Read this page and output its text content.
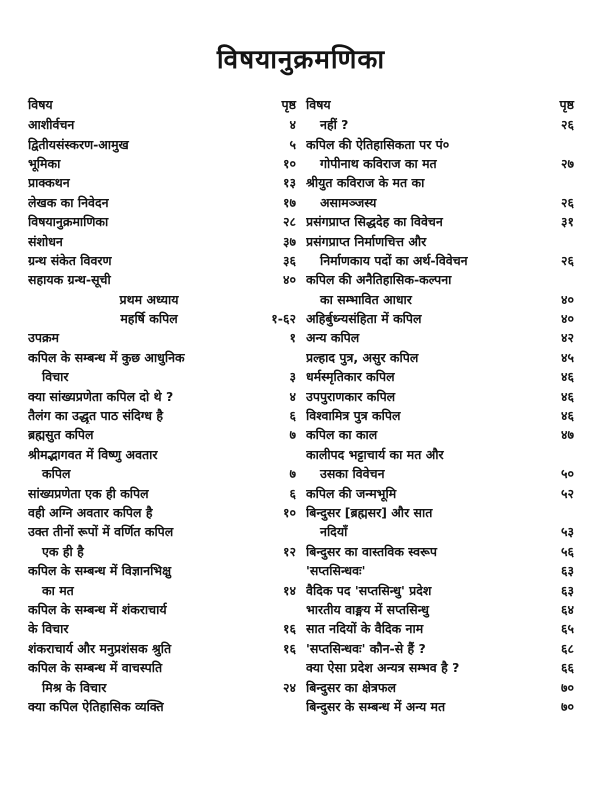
विषयानुक्रमणिका
विषय	पृष्ठ
आशीर्वचन	४
द्वितीयसंस्करण-आमुख	५
भूमिका	१०
प्राक्कथन	१३
लेखक का निवेदन	१७
विषयानुक्रमाणिका	२८
संशोधन	३७
ग्रन्थ संकेत विवरण	३६
सहायक ग्रन्थ-सूची	४०
प्रथम अध्याय
महर्षि कपिल	१-६२
उपक्रम	१
कपिल के सम्बन्ध में कुछ आधुनिक
विचार	३
क्या सांख्यप्रणेता कपिल दो थे ?	४
तैलंग का उद्धृत पाठ संदिग्ध है	६
ब्रह्मसुत कपिल	७
श्रीमद्भागवत में विष्णु अवतार
कपिल	७
सांख्यप्रणेता एक ही कपिल	६
वही अग्नि अवतार कपिल है	१०
उक्त तीनों रूपों में वर्णित कपिल
एक ही है	१२
कपिल के सम्बन्ध में विज्ञानभिक्षु
का मत	१४
कपिल के सम्बन्ध में शंकराचार्य
के विचार	१६
शंकराचार्य और मनुप्रशंसक श्रुति	१६
कपिल के सम्बन्ध में वाचस्पति
मिश्र के विचार	२४
क्या कपिल ऐतिहासिक व्यक्ति
विषय	पृष्ठ
नहीं ?	२६
कपिल की ऐतिहासिकता पर पं०
गोपीनाथ कविराज का मत	२७
श्रीयुत कविराज के मत का
असामञ्जस्य	२६
प्रसंगप्राप्त सिद्धदेह का विवेचन	३१
प्रसंगप्राप्त निर्माणचित्त और
निर्माणकाय पदों का अर्थ-विवेचन	२६
कपिल की अनैतिहासिक-कल्पना
का सम्भावित आधार	४०
अहिर्बुध्न्यसंहिता में कपिल	४०
अन्य कपिल	४२
प्रल्हाद पुत्र, असुर कपिल	४५
धर्मस्मृतिकार कपिल	४६
उपपुराणकार कपिल	४६
विश्वामित्र पुत्र कपिल	४६
कपिल का काल	४७
कालीपद भट्टाचार्य का मत और
उसका विवेचन	५०
कपिल की जन्मभूमि	५२
बिन्दुसर [ब्रह्मसर] और सात
नदियाँ	५३
बिन्दुसर का वास्तविक स्वरूप	५६
'सप्तसिन्धवः'	६३
वैदिक पद 'सप्तसिन्धु' प्रदेश	६३
भारतीय वाङ्मय में सप्तसिन्धु	६४
सात नदियों के वैदिक नाम	६५
'सप्तसिन्धवः' कौन-से हैं ?	६८
क्या ऐसा प्रदेश अन्यत्र सम्भव है ?	६६
बिन्दुसर का क्षेत्रफल	७०
बिन्दुसर के सम्बन्ध में अन्य मत	७०
